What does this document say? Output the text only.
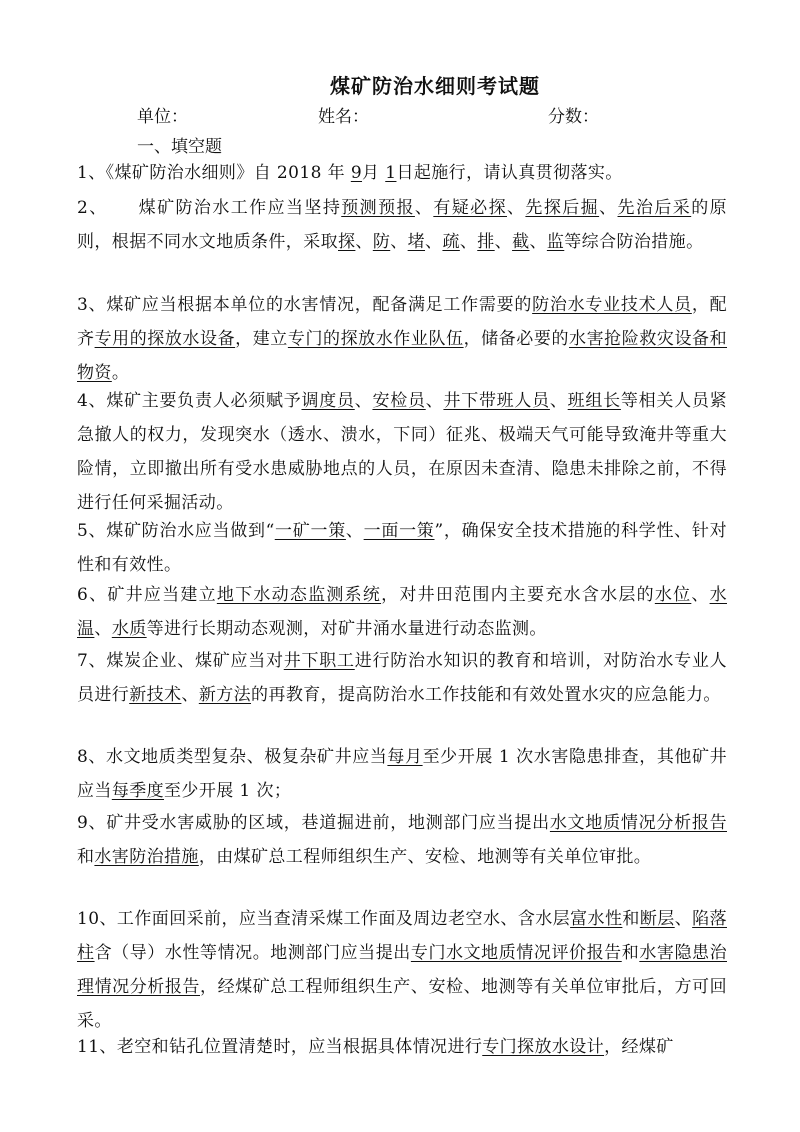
煤矿防治水细则考试题
单位：	姓名：	分数：
一、填空题
1、《煤矿防治水细则》自 2018 年 9月 1日起施行，请认真贯彻落实。
2、 煤矿防治水工作应当坚持预测预报、有疑必探、先探后掘、先治后采的原则，根据不同水文地质条件，采取探、防、堵、疏、排、截、监等综合防治措施。
3、煤矿应当根据本单位的水害情况，配备满足工作需要的防治水专业技术人员，配齐专用的探放水设备，建立专门的探放水作业队伍，储备必要的水害抢险救灾设备和物资。
4、煤矿主要负责人必须赋予调度员、安检员、井下带班人员、班组长等相关人员紧急撤人的权力，发现突水（透水、溃水，下同）征兆、极端天气可能导致淹井等重大险情，立即撤出所有受水患威胁地点的人员，在原因未查清、隐患未排除之前，不得进行任何采掘活动。
5、煤矿防治水应当做到“一矿一策、一面一策”，确保安全技术措施的科学性、针对性和有效性。
6、矿井应当建立地下水动态监测系统，对井田范围内主要充水含水层的水位、水温、水质等进行长期动态观测，对矿井涌水量进行动态监测。
7、煤炭企业、煤矿应当对井下职工进行防治水知识的教育和培训，对防治水专业人员进行新技术、新方法的再教育，提高防治水工作技能和有效处置水灾的应急能力。
8、水文地质类型复杂、极复杂矿井应当每月至少开展 1 次水害隐患排查，其他矿井应当每季度至少开展 1 次；
9、矿井受水害威胁的区域，巷道掘进前，地测部门应当提出水文地质情况分析报告和水害防治措施，由煤矿总工程师组织生产、安检、地测等有关单位审批。
10、工作面回采前，应当查清采煤工作面及周边老空水、含水层富水性和断层、陷落柱含（导）水性等情况。地测部门应当提出专门水文地质情况评价报告和水害隐患治理情况分析报告，经煤矿总工程师组织生产、安检、地测等有关单位审批后，方可回采。
11、老空和钻孔位置清楚时，应当根据具体情况进行专门探放水设计，经煤矿
